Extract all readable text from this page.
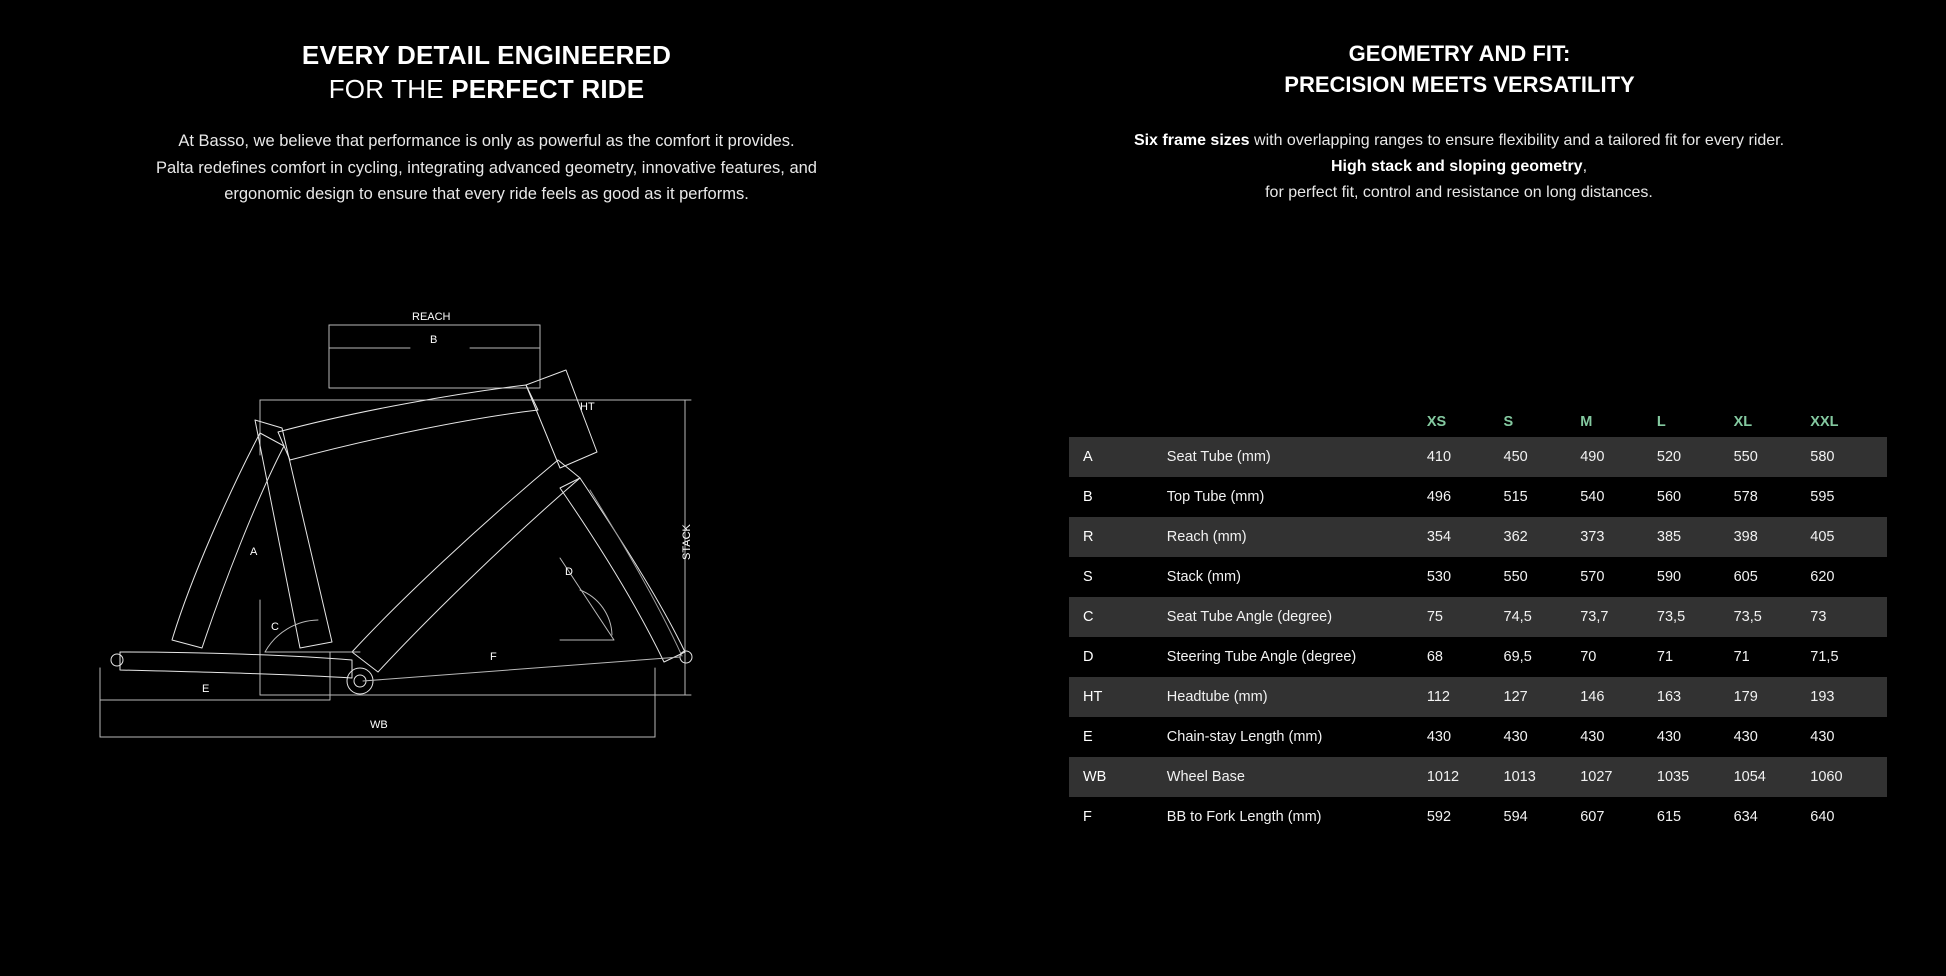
EVERY DETAIL ENGINEERED
FOR THE PERFECT RIDE
At Basso, we believe that performance is only as powerful as the comfort it provides.
Palta redefines comfort in cycling, integrating advanced geometry, innovative features, and
ergonomic design to ensure that every ride feels as good as it performs.
REACH
B
HT
A
C
D
E
F
WB
STACK
GEOMETRY AND FIT:
PRECISION MEETS VERSATILITY
Six frame sizes with overlapping ranges to ensure flexibility and a tailored fit for every rider.
High stack and sloping geometry,
for perfect fit, control and resistance on long distances.
		XS	S	M	L	XL	XXL
A	Seat Tube (mm)	410	450	490	520	550	580
B	Top Tube (mm)	496	515	540	560	578	595
R	Reach (mm)	354	362	373	385	398	405
S	Stack (mm)	530	550	570	590	605	620
C	Seat Tube Angle (degree)	75	74,5	73,7	73,5	73,5	73
D	Steering Tube Angle (degree)	68	69,5	70	71	71	71,5
HT	Headtube (mm)	112	127	146	163	179	193
E	Chain-stay Length (mm)	430	430	430	430	430	430
WB	Wheel Base	1012	1013	1027	1035	1054	1060
F	BB to Fork Length (mm)	592	594	607	615	634	640
